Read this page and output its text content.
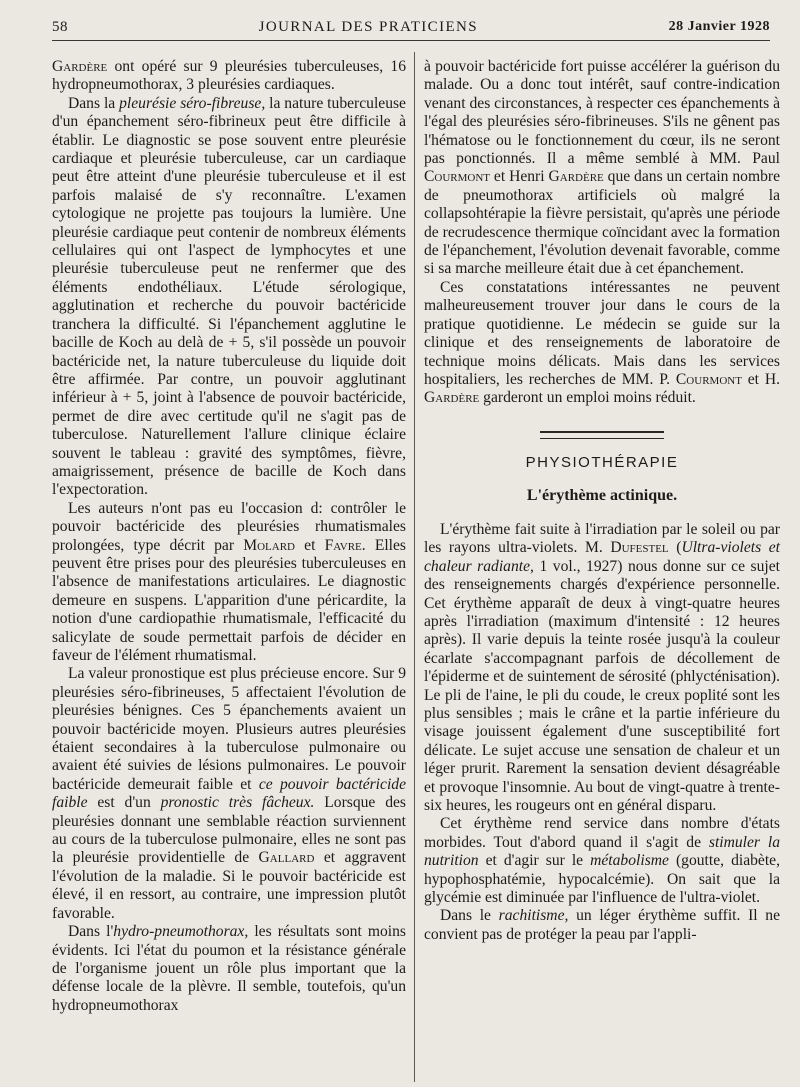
58	JOURNAL DES PRATICIENS	28 Janvier 1928

Gardère ont opéré sur 9 pleurésies tuberculeuses, 16 hydropneumothorax, 3 pleurésies cardiaques.

Dans la pleurésie séro-fibreuse, la nature tuberculeuse d'un épanchement séro-fibrineux peut être difficile à établir. Le diagnostic se pose souvent entre pleurésie cardiaque et pleurésie tuberculeuse, car un cardiaque peut être atteint d'une pleurésie tuberculeuse et il est parfois malaisé de s'y reconnaître. L'examen cytologique ne projette pas toujours la lumière. Une pleurésie cardiaque peut contenir de nombreux éléments cellulaires qui ont l'aspect de lymphocytes et une pleurésie tuberculeuse peut ne renfermer que des éléments endothéliaux. L'étude sérologique, agglutination et recherche du pouvoir bactéricide tranchera la difficulté. Si l'épanchement agglutine le bacille de Koch au delà de + 5, s'il possède un pouvoir bactéricide net, la nature tuberculeuse du liquide doit être affirmée. Par contre, un pouvoir agglutinant inférieur à + 5, joint à l'absence de pouvoir bactéricide, permet de dire avec certitude qu'il ne s'agit pas de tuberculose. Naturellement l'allure clinique éclaire souvent le tableau : gravité des symptômes, fièvre, amaigrissement, présence de bacille de Koch dans l'expectoration.

Les auteurs n'ont pas eu l'occasion d: contrôler le pouvoir bactéricide des pleurésies rhumatismales prolongées, type décrit par Molard et Favre. Elles peuvent être prises pour des pleurésies tuberculeuses en l'absence de manifestations articulaires. Le diagnostic demeure en suspens. L'apparition d'une péricardite, la notion d'une cardiopathie rhumatismale, l'efficacité du salicylate de soude permettait parfois de décider en faveur de l'élément rhumatismal.

La valeur pronostique est plus précieuse encore. Sur 9 pleurésies séro-fibrineuses, 5 affectaient l'évolution de pleurésies bénignes. Ces 5 épanchements avaient un pouvoir bactéricide moyen. Plusieurs autres pleurésies étaient secondaires à la tuberculose pulmonaire ou avaient été suivies de lésions pulmonaires. Le pouvoir bactéricide demeurait faible et ce pouvoir bactéricide faible est d'un pronostic très fâcheux. Lorsque des pleurésies donnant une semblable réaction surviennent au cours de la tuberculose pulmonaire, elles ne sont pas la pleurésie providentielle de Gallard et aggravent l'évolution de la maladie. Si le pouvoir bactéricide est élevé, il en ressort, au contraire, une impression plutôt favorable.

Dans l'hydro-pneumothorax, les résultats sont moins évidents. Ici l'état du poumon et la résistance générale de l'organisme jouent un rôle plus important que la défense locale de la plèvre. Il semble, toutefois, qu'un hydropneumothorax

à pouvoir bactéricide fort puisse accélérer la guérison du malade. Ou a donc tout intérêt, sauf contre-indication venant des circonstances, à respecter ces épanchements à l'égal des pleurésies séro-fibrineuses. S'ils ne gênent pas l'hématose ou le fonctionnement du cœur, ils ne seront pas ponctionnés. Il a même semblé à MM. Paul Courmont et Henri Gardère que dans un certain nombre de pneumothorax artificiels où malgré la collapsohtérapie la fièvre persistait, qu'après une période de recrudescence thermique coïncidant avec la formation de l'épanchement, l'évolution devenait favorable, comme si sa marche meilleure était due à cet épanchement.

Ces constatations intéressantes ne peuvent malheureusement trouver jour dans le cours de la pratique quotidienne. Le médecin se guide sur la clinique et des renseignements de laboratoire de technique moins délicats. Mais dans les services hospitaliers, les recherches de MM. P. Courmont et H. Gardère garderont un emploi moins réduit.

PHYSIOTHÉRAPIE
L'érythème actinique.

L'érythème fait suite à l'irradiation par le soleil ou par les rayons ultra-violets. M. Dufestel (Ultra-violets et chaleur radiante, 1 vol., 1927) nous donne sur ce sujet des renseignements chargés d'expérience personnelle. Cet érythème apparaît de deux à vingt-quatre heures après l'irradiation (maximum d'intensité : 12 heures après). Il varie depuis la teinte rosée jusqu'à la couleur écarlate s'accompagnant parfois de décollement de l'épiderme et de suintement de sérosité (phlycténisation). Le pli de l'aine, le pli du coude, le creux poplité sont les plus sensibles ; mais le crâne et la partie inférieure du visage jouissent également d'une susceptibilité fort délicate. Le sujet accuse une sensation de chaleur et un léger prurit. Rarement la sensation devient désagréable et provoque l'insomnie. Au bout de vingt-quatre à trente-six heures, les rougeurs ont en général disparu.

Cet érythème rend service dans nombre d'états morbides. Tout d'abord quand il s'agit de stimuler la nutrition et d'agir sur le métabolisme (goutte, diabète, hypophosphatémie, hypocalcémie). On sait que la glycémie est diminuée par l'influence de l'ultra-violet.

Dans le rachitisme, un léger érythème suffit. Il ne convient pas de protéger la peau par l'appli-
